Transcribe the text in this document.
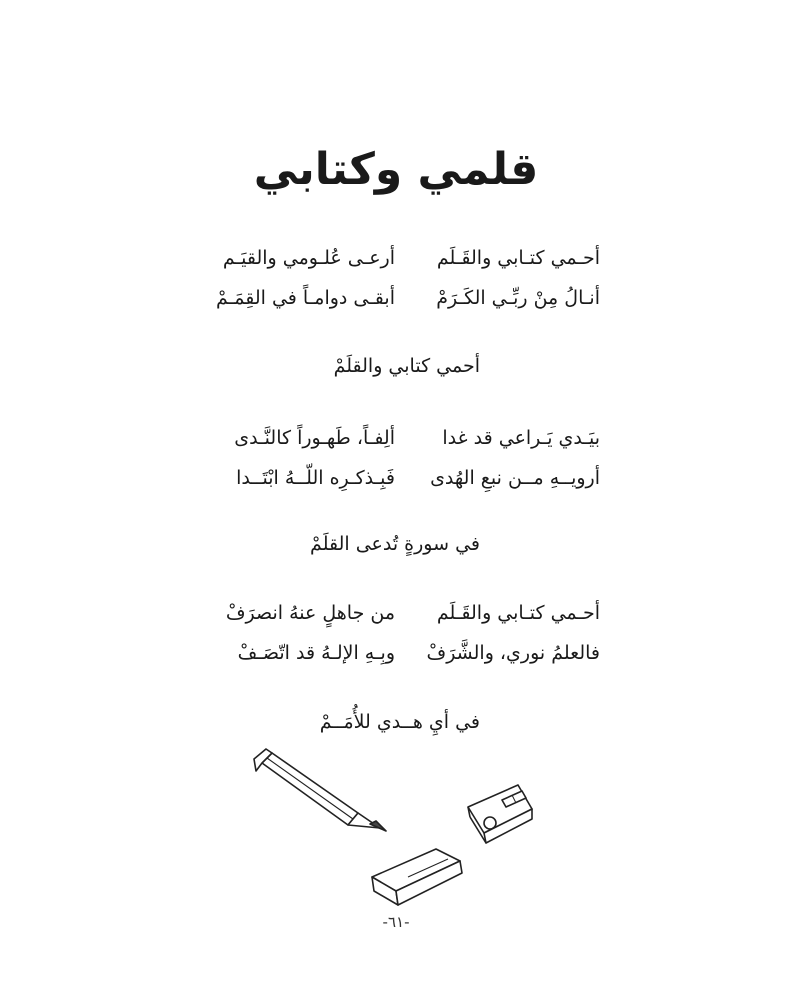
قلمي وكتابي
أحـمي كتـابي والقَـلَم
أرعـى عُلـومي والقيَـم
أنـالُ مِنْ ربِّـي الكَـرَمْ
أبقـى دوامـاً في القِمَـمْ
أحمي كتابي والقلَمْ
بيَـدي يَـراعي قد غدا
ألِفـاً، طَهـوراً كالنَّـدى
أرويــهِ مــن نبعِ الهُدى
فَبِـذكـرِه اللّــهُ ابْتَــدا
في سورةٍ تُدعى القلَمْ
أحـمي كتـابي والقَـلَم
من جاهلٍ عنهُ انصرَفْ
فالعلمُ نوري، والشَّرَفْ
وبِـهِ الإلـهُ قد اتّصَـفْ
في أيِ هــدي للأُمَــمْ
-٦١-
